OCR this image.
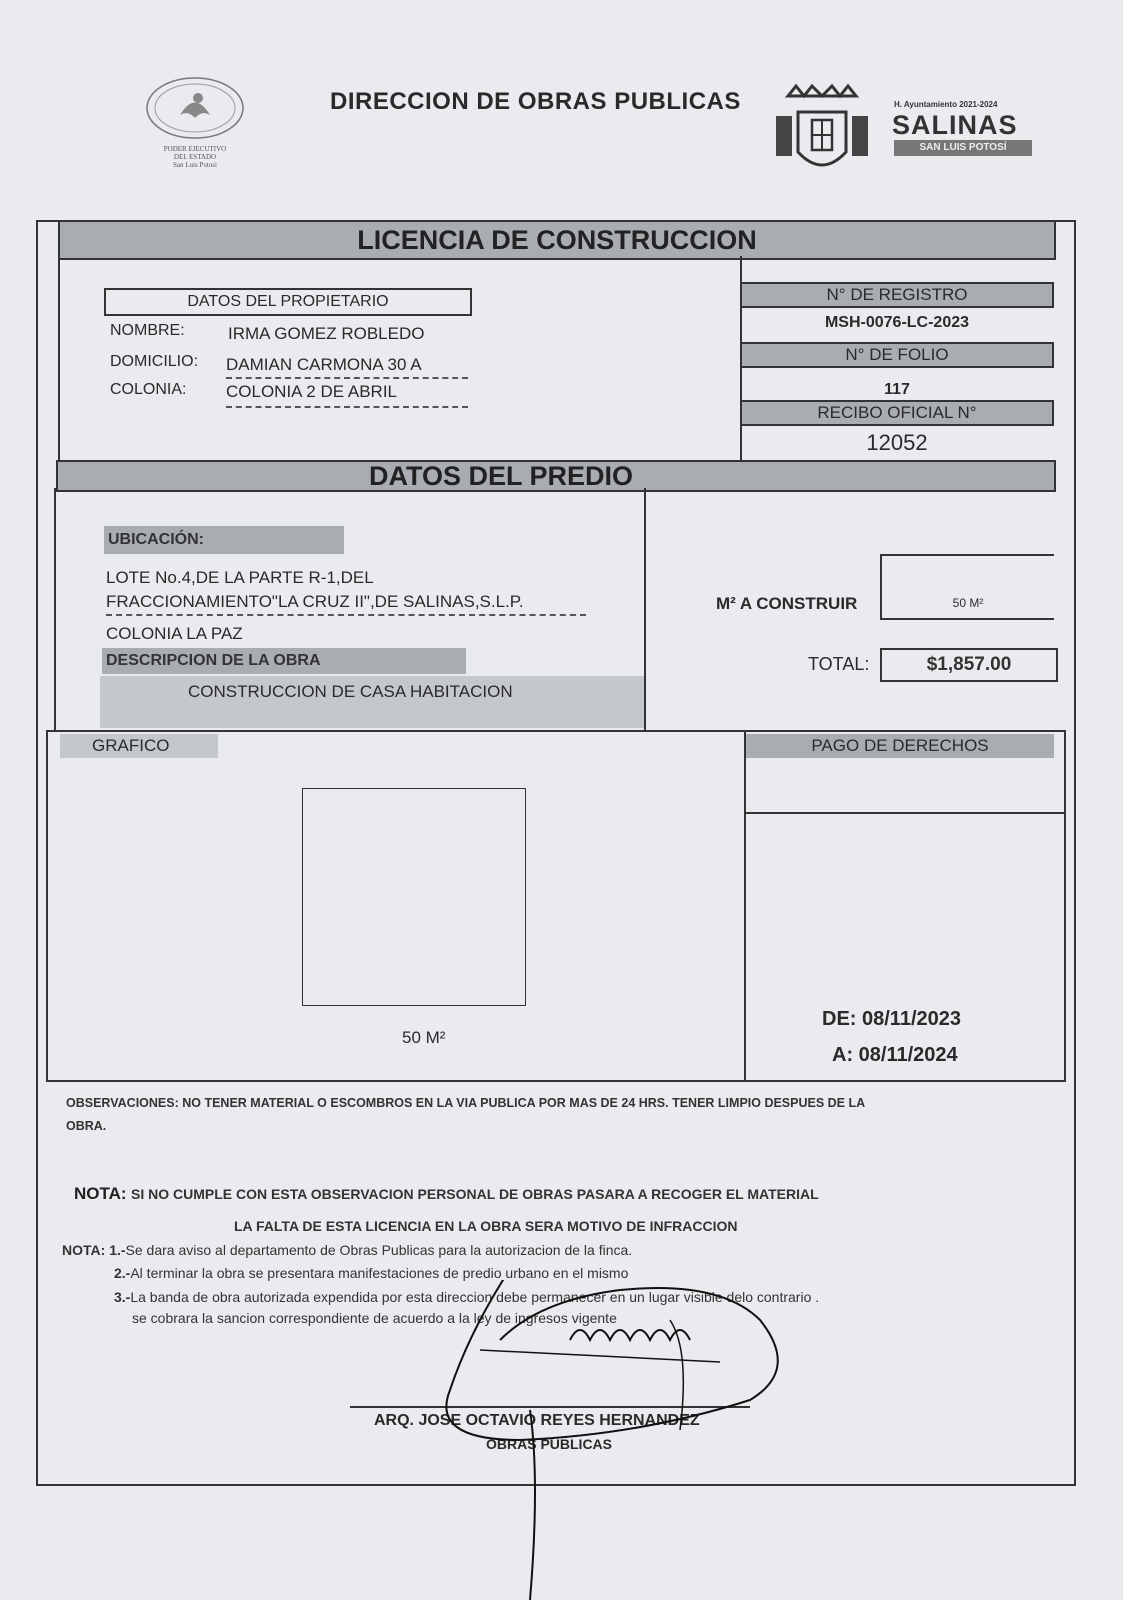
PODER EJECUTIVO
DEL ESTADO
San Luis Potosi
DIRECCION DE OBRAS PUBLICAS	H. Ayuntamiento 2021-2024
SALINAS
SAN LUIS POTOSÍ
LICENCIA DE CONSTRUCCION
DATOS DEL PROPIETARIO
NOMBRE:	IRMA GOMEZ ROBLEDO
DOMICILIO: DAMIAN CARMONA 30 A
COLONIA: COLONIA 2 DE ABRIL
N° DE REGISTRO
MSH-0076-LC-2023
N° DE FOLIO
117
RECIBO OFICIAL N°
12052
DATOS DEL PREDIO
UBICACIÓN:
LOTE No.4,DE LA PARTE R-1,DEL
FRACCIONAMIENTO"LA CRUZ II",DE SALINAS,S.L.P.
COLONIA LA PAZ
DESCRIPCION DE LA OBRA
CONSTRUCCION DE CASA HABITACION
M² A CONSTRUIR	50 M²
TOTAL:	$1,857.00
GRAFICO
50 M²
PAGO DE DERECHOS
DE: 08/11/2023
A: 08/11/2024
OBSERVACIONES: NO TENER MATERIAL O ESCOMBROS EN LA VIA PUBLICA POR MAS DE 24 HRS. TENER LIMPIO DESPUES DE LA
OBRA.
NOTA: SI NO CUMPLE CON ESTA OBSERVACION PERSONAL DE OBRAS PASARA A RECOGER EL MATERIAL
LA FALTA DE ESTA LICENCIA EN LA OBRA SERA MOTIVO DE INFRACCION
NOTA: 1.-Se dara aviso al departamento de Obras Publicas para la autorizacion de la finca.
2.-Al terminar la obra se presentara manifestaciones de predio urbano en el mismo
3.-La banda de obra autorizada expendida por esta direccion debe permanecer en un lugar visible delo contrario .
se cobrara la sancion correspondiente de acuerdo a la ley de ingresos vigente
ARQ. JOSE OCTAVIO REYES HERNANDEZ
OBRAS PUBLICAS
